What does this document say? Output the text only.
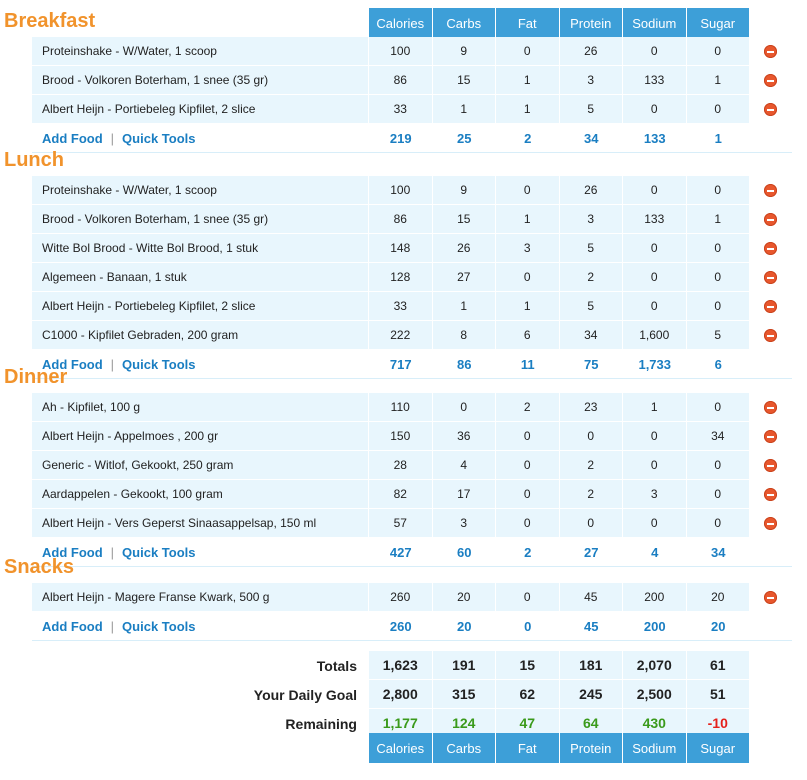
Breakfast	Calories	Carbs	Fat	Protein	Sodium	Sugar
Proteinshake - W/Water, 1 scoop	100	9	0	26	0	0	
Brood - Volkoren Boterham, 1 snee (35 gr)	86	15	1	3	133	1	
Albert Heijn - Portiebeleg Kipfilet, 2 slice	33	1	1	5	0	0	
Add Food | Quick Tools	219	25	2	34	133	1	
Lunch
Proteinshake - W/Water, 1 scoop	100	9	0	26	0	0	
Brood - Volkoren Boterham, 1 snee (35 gr)	86	15	1	3	133	1	
Witte Bol Brood - Witte Bol Brood, 1 stuk	148	26	3	5	0	0	
Algemeen - Banaan, 1 stuk	128	27	0	2	0	0	
Albert Heijn - Portiebeleg Kipfilet, 2 slice	33	1	1	5	0	0	
C1000 - Kipfilet Gebraden, 200 gram	222	8	6	34	1,600	5	
Add Food | Quick Tools	717	86	11	75	1,733	6	
Dinner
Ah - Kipfilet, 100 g	110	0	2	23	1	0	
Albert Heijn - Appelmoes , 200 gr	150	36	0	0	0	34	
Generic - Witlof, Gekookt, 250 gram	28	4	0	2	0	0	
Aardappelen - Gekookt, 100 gram	82	17	0	2	3	0	
Albert Heijn - Vers Geperst Sinaasappelsap, 150 ml	57	3	0	0	0	0	
Add Food | Quick Tools	427	60	2	27	4	34	
Snacks
Albert Heijn - Magere Franse Kwark, 500 g	260	20	0	45	200	20	
Add Food | Quick Tools	260	20	0	45	200	20	
Totals	1,623	191	15	181	2,070	61	
Your Daily Goal	2,800	315	62	245	2,500	51	
Remaining	1,177	124	47	64	430	-10	
Calories	Carbs	Fat	Protein	Sodium	Sugar
